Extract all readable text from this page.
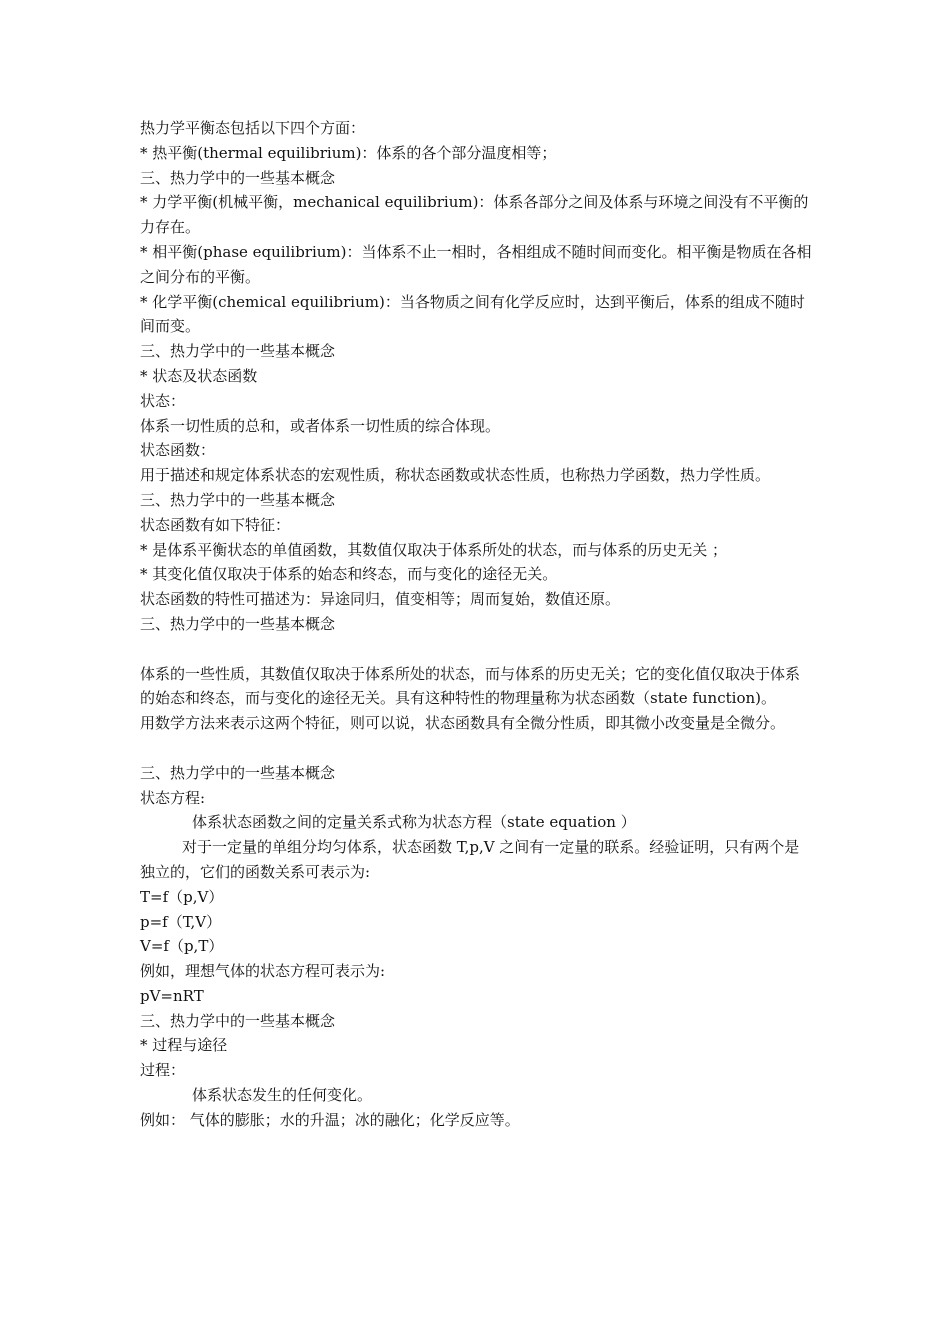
热力学平衡态包括以下四个方面：

* 热平衡(thermal equilibrium)：体系的各个部分温度相等；

三、热力学中的一些基本概念

* 力学平衡(机械平衡，mechanical equilibrium)：体系各部分之间及体系与环境之间没有不平衡的力存在。

* 相平衡(phase equilibrium)：当体系不止一相时，各相组成不随时间而变化。相平衡是物质在各相之间分布的平衡。

* 化学平衡(chemical equilibrium)：当各物质之间有化学反应时，达到平衡后，体系的组成不随时间而变。

三、热力学中的一些基本概念

* 状态及状态函数

状态：

体系一切性质的总和，或者体系一切性质的综合体现。

状态函数：

用于描述和规定体系状态的宏观性质，称状态函数或状态性质，也称热力学函数，热力学性质。

三、热力学中的一些基本概念

状态函数有如下特征：

* 是体系平衡状态的单值函数，其数值仅取决于体系所处的状态，而与体系的历史无关 ；

* 其变化值仅取决于体系的始态和终态，而与变化的途径无关。

状态函数的特性可描述为：异途同归，值变相等；周而复始，数值还原。

三、热力学中的一些基本概念

体系的一些性质，其数值仅取决于体系所处的状态，而与体系的历史无关；它的变化值仅取决于体系的始态和终态，而与变化的途径无关。具有这种特性的物理量称为状态函数（state function)。

用数学方法来表示这两个特征，则可以说，状态函数具有全微分性质，即其微小改变量是全微分。

三、热力学中的一些基本概念

状态方程:

体系状态函数之间的定量关系式称为状态方程（state equation ）

对于一定量的单组分均匀体系，状态函数 T,p,V 之间有一定量的联系。经验证明，只有两个是独立的，它们的函数关系可表示为:

T=f（p,V）

p=f（T,V）

V=f（p,T）

例如，理想气体的状态方程可表示为:

pV=nRT

三、热力学中的一些基本概念

* 过程与途径

过程：

体系状态发生的任何变化。

例如： 气体的膨胀；水的升温；冰的融化；化学反应等。
